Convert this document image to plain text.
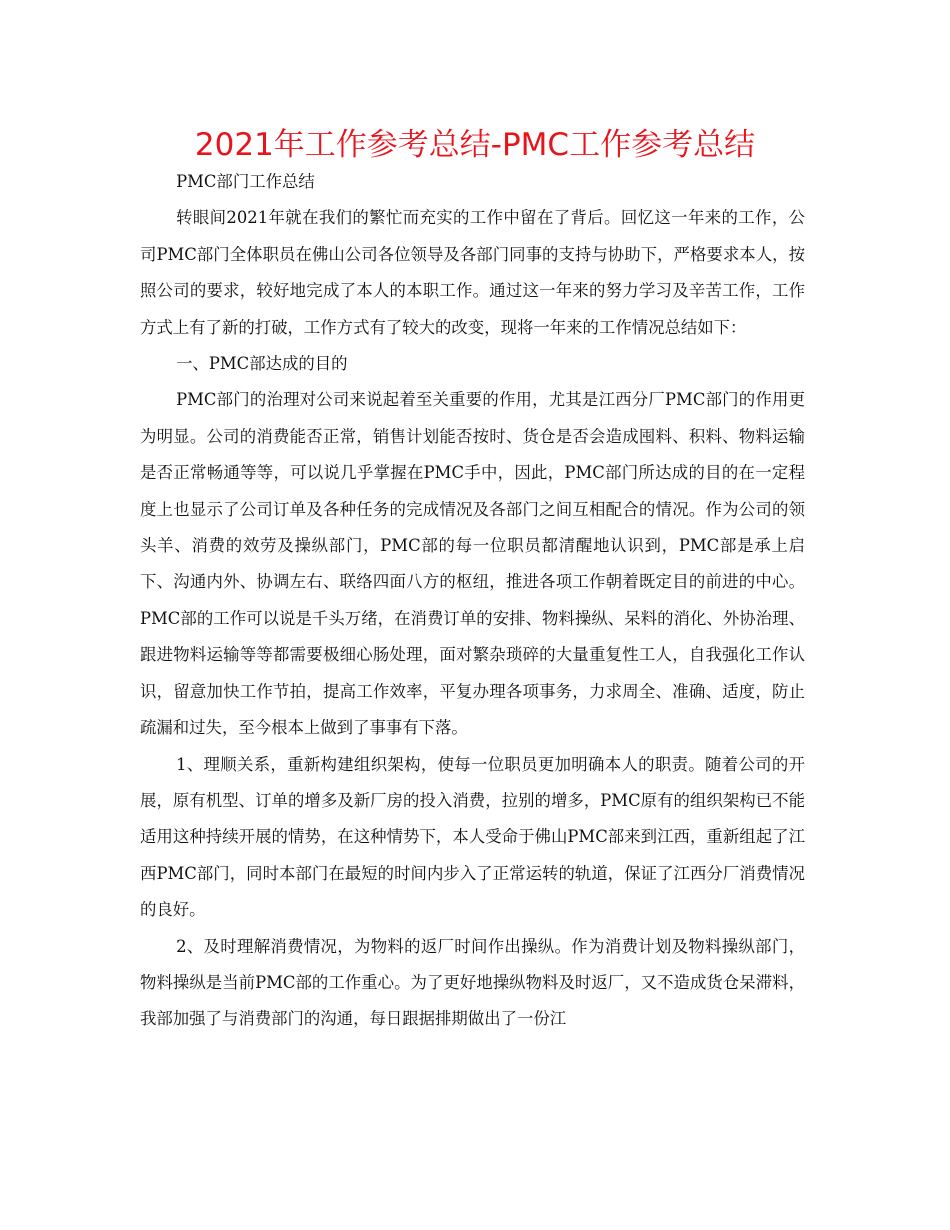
2021年工作参考总结-PMC工作参考总结

PMC部门工作总结

转眼间2021年就在我们的繁忙而充实的工作中留在了背后。回忆这一年来的工作，公司PMC部门全体职员在佛山公司各位领导及各部门同事的支持与协助下，严格要求本人，按照公司的要求，较好地完成了本人的本职工作。通过这一年来的努力学习及辛苦工作，工作方式上有了新的打破，工作方式有了较大的改变，现将一年来的工作情况总结如下：

一、PMC部达成的目的

PMC部门的治理对公司来说起着至关重要的作用，尤其是江西分厂PMC部门的作用更为明显。公司的消费能否正常，销售计划能否按时、货仓是否会造成囤料、积料、物料运输是否正常畅通等等，可以说几乎掌握在PMC手中，因此，PMC部门所达成的目的在一定程度上也显示了公司订单及各种任务的完成情况及各部门之间互相配合的情况。作为公司的领头羊、消费的效劳及操纵部门，PMC部的每一位职员都清醒地认识到，PMC部是承上启下、沟通内外、协调左右、联络四面八方的枢纽，推进各项工作朝着既定目的前进的中心。PMC部的工作可以说是千头万绪，在消费订单的安排、物料操纵、呆料的消化、外协治理、跟进物料运输等等都需要极细心肠处理，面对繁杂琐碎的大量重复性工人，自我强化工作认识，留意加快工作节拍，提高工作效率，平复办理各项事务，力求周全、准确、适度，防止疏漏和过失，至今根本上做到了事事有下落。

1、理顺关系，重新构建组织架构，使每一位职员更加明确本人的职责。随着公司的开展，原有机型、订单的增多及新厂房的投入消费，拉别的增多，PMC原有的组织架构已不能适用这种持续开展的情势，在这种情势下，本人受命于佛山PMC部来到江西，重新组起了江西PMC部门，同时本部门在最短的时间内步入了正常运转的轨道，保证了江西分厂消费情况的良好。

2、及时理解消费情况，为物料的返厂时间作出操纵。作为消费计划及物料操纵部门，物料操纵是当前PMC部的工作重心。为了更好地操纵物料及时返厂，又不造成货仓呆滞料，我部加强了与消费部门的沟通，每日跟据排期做出了一份江
